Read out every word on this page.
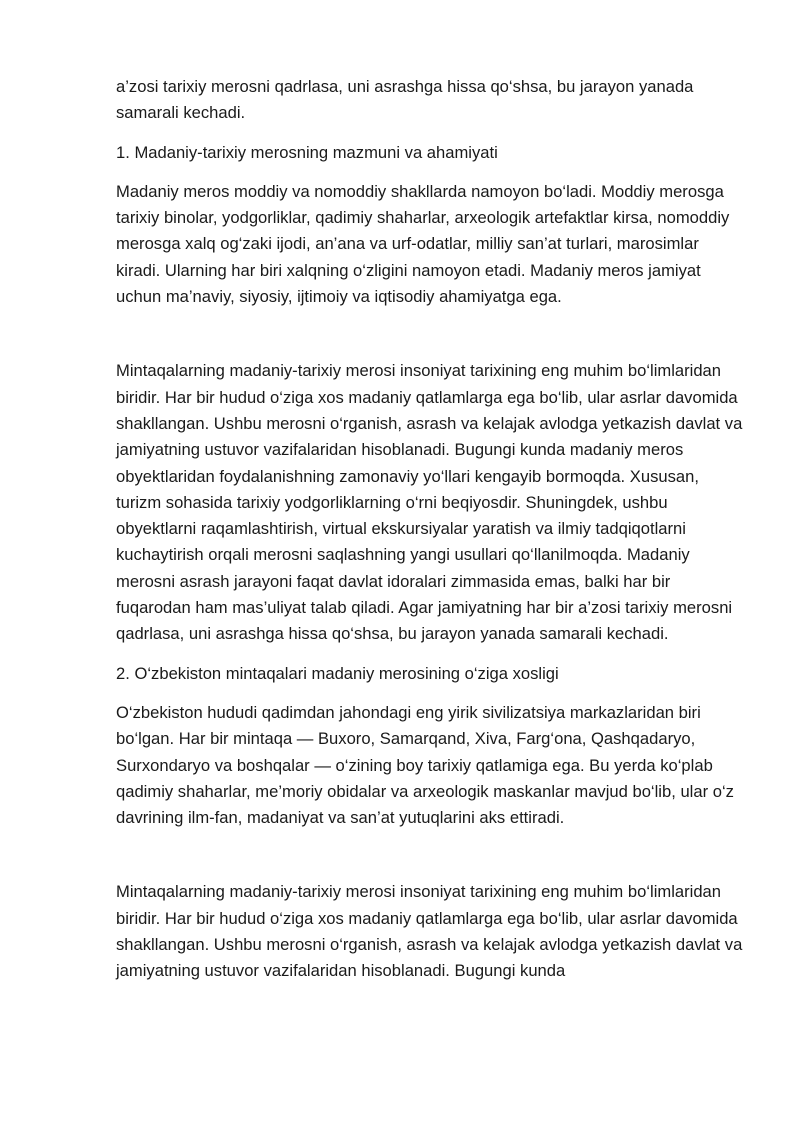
a’zosi tarixiy merosni qadrlasa, uni asrashga hissa qo‘shsa, bu jarayon yanada samarali kechadi.

1. Madaniy-tarixiy merosning mazmuni va ahamiyati

Madaniy meros moddiy va nomoddiy shakllarda namoyon bo‘ladi. Moddiy merosga tarixiy binolar, yodgorliklar, qadimiy shaharlar, arxeologik artefaktlar kirsa, nomoddiy merosga xalq og‘zaki ijodi, an’ana va urf-odatlar, milliy san’at turlari, marosimlar kiradi. Ularning har biri xalqning o‘zligini namoyon etadi. Madaniy meros jamiyat uchun ma’naviy, siyosiy, ijtimoiy va iqtisodiy ahamiyatga ega.

Mintaqalarning madaniy-tarixiy merosi insoniyat tarixining eng muhim bo‘limlaridan biridir. Har bir hudud o‘ziga xos madaniy qatlamlarga ega bo‘lib, ular asrlar davomida shakllangan. Ushbu merosni o‘rganish, asrash va kelajak avlodga yetkazish davlat va jamiyatning ustuvor vazifalaridan hisoblanadi. Bugungi kunda madaniy meros obyektlaridan foydalanishning zamonaviy yo‘llari kengayib bormoqda. Xususan, turizm sohasida tarixiy yodgorliklarning o‘rni beqiyosdir. Shuningdek, ushbu obyektlarni raqamlashtirish, virtual ekskursiyalar yaratish va ilmiy tadqiqotlarni kuchaytirish orqali merosni saqlashning yangi usullari qo‘llanilmoqda. Madaniy merosni asrash jarayoni faqat davlat idoralari zimmasida emas, balki har bir fuqarodan ham mas’uliyat talab qiladi. Agar jamiyatning har bir a’zosi tarixiy merosni qadrlasa, uni asrashga hissa qo‘shsa, bu jarayon yanada samarali kechadi.

2. O‘zbekiston mintaqalari madaniy merosining o‘ziga xosligi

O‘zbekiston hududi qadimdan jahondagi eng yirik sivilizatsiya markazlaridan biri bo‘lgan. Har bir mintaqa — Buxoro, Samarqand, Xiva, Farg‘ona, Qashqadaryo, Surxondaryo va boshqalar — o‘zining boy tarixiy qatlamiga ega. Bu yerda ko‘plab qadimiy shaharlar, me’moriy obidalar va arxeologik maskanlar mavjud bo‘lib, ular o‘z davrining ilm-fan, madaniyat va san’at yutuqlarini aks ettiradi.

Mintaqalarning madaniy-tarixiy merosi insoniyat tarixining eng muhim bo‘limlaridan biridir. Har bir hudud o‘ziga xos madaniy qatlamlarga ega bo‘lib, ular asrlar davomida shakllangan. Ushbu merosni o‘rganish, asrash va kelajak avlodga yetkazish davlat va jamiyatning ustuvor vazifalaridan hisoblanadi. Bugungi kunda
